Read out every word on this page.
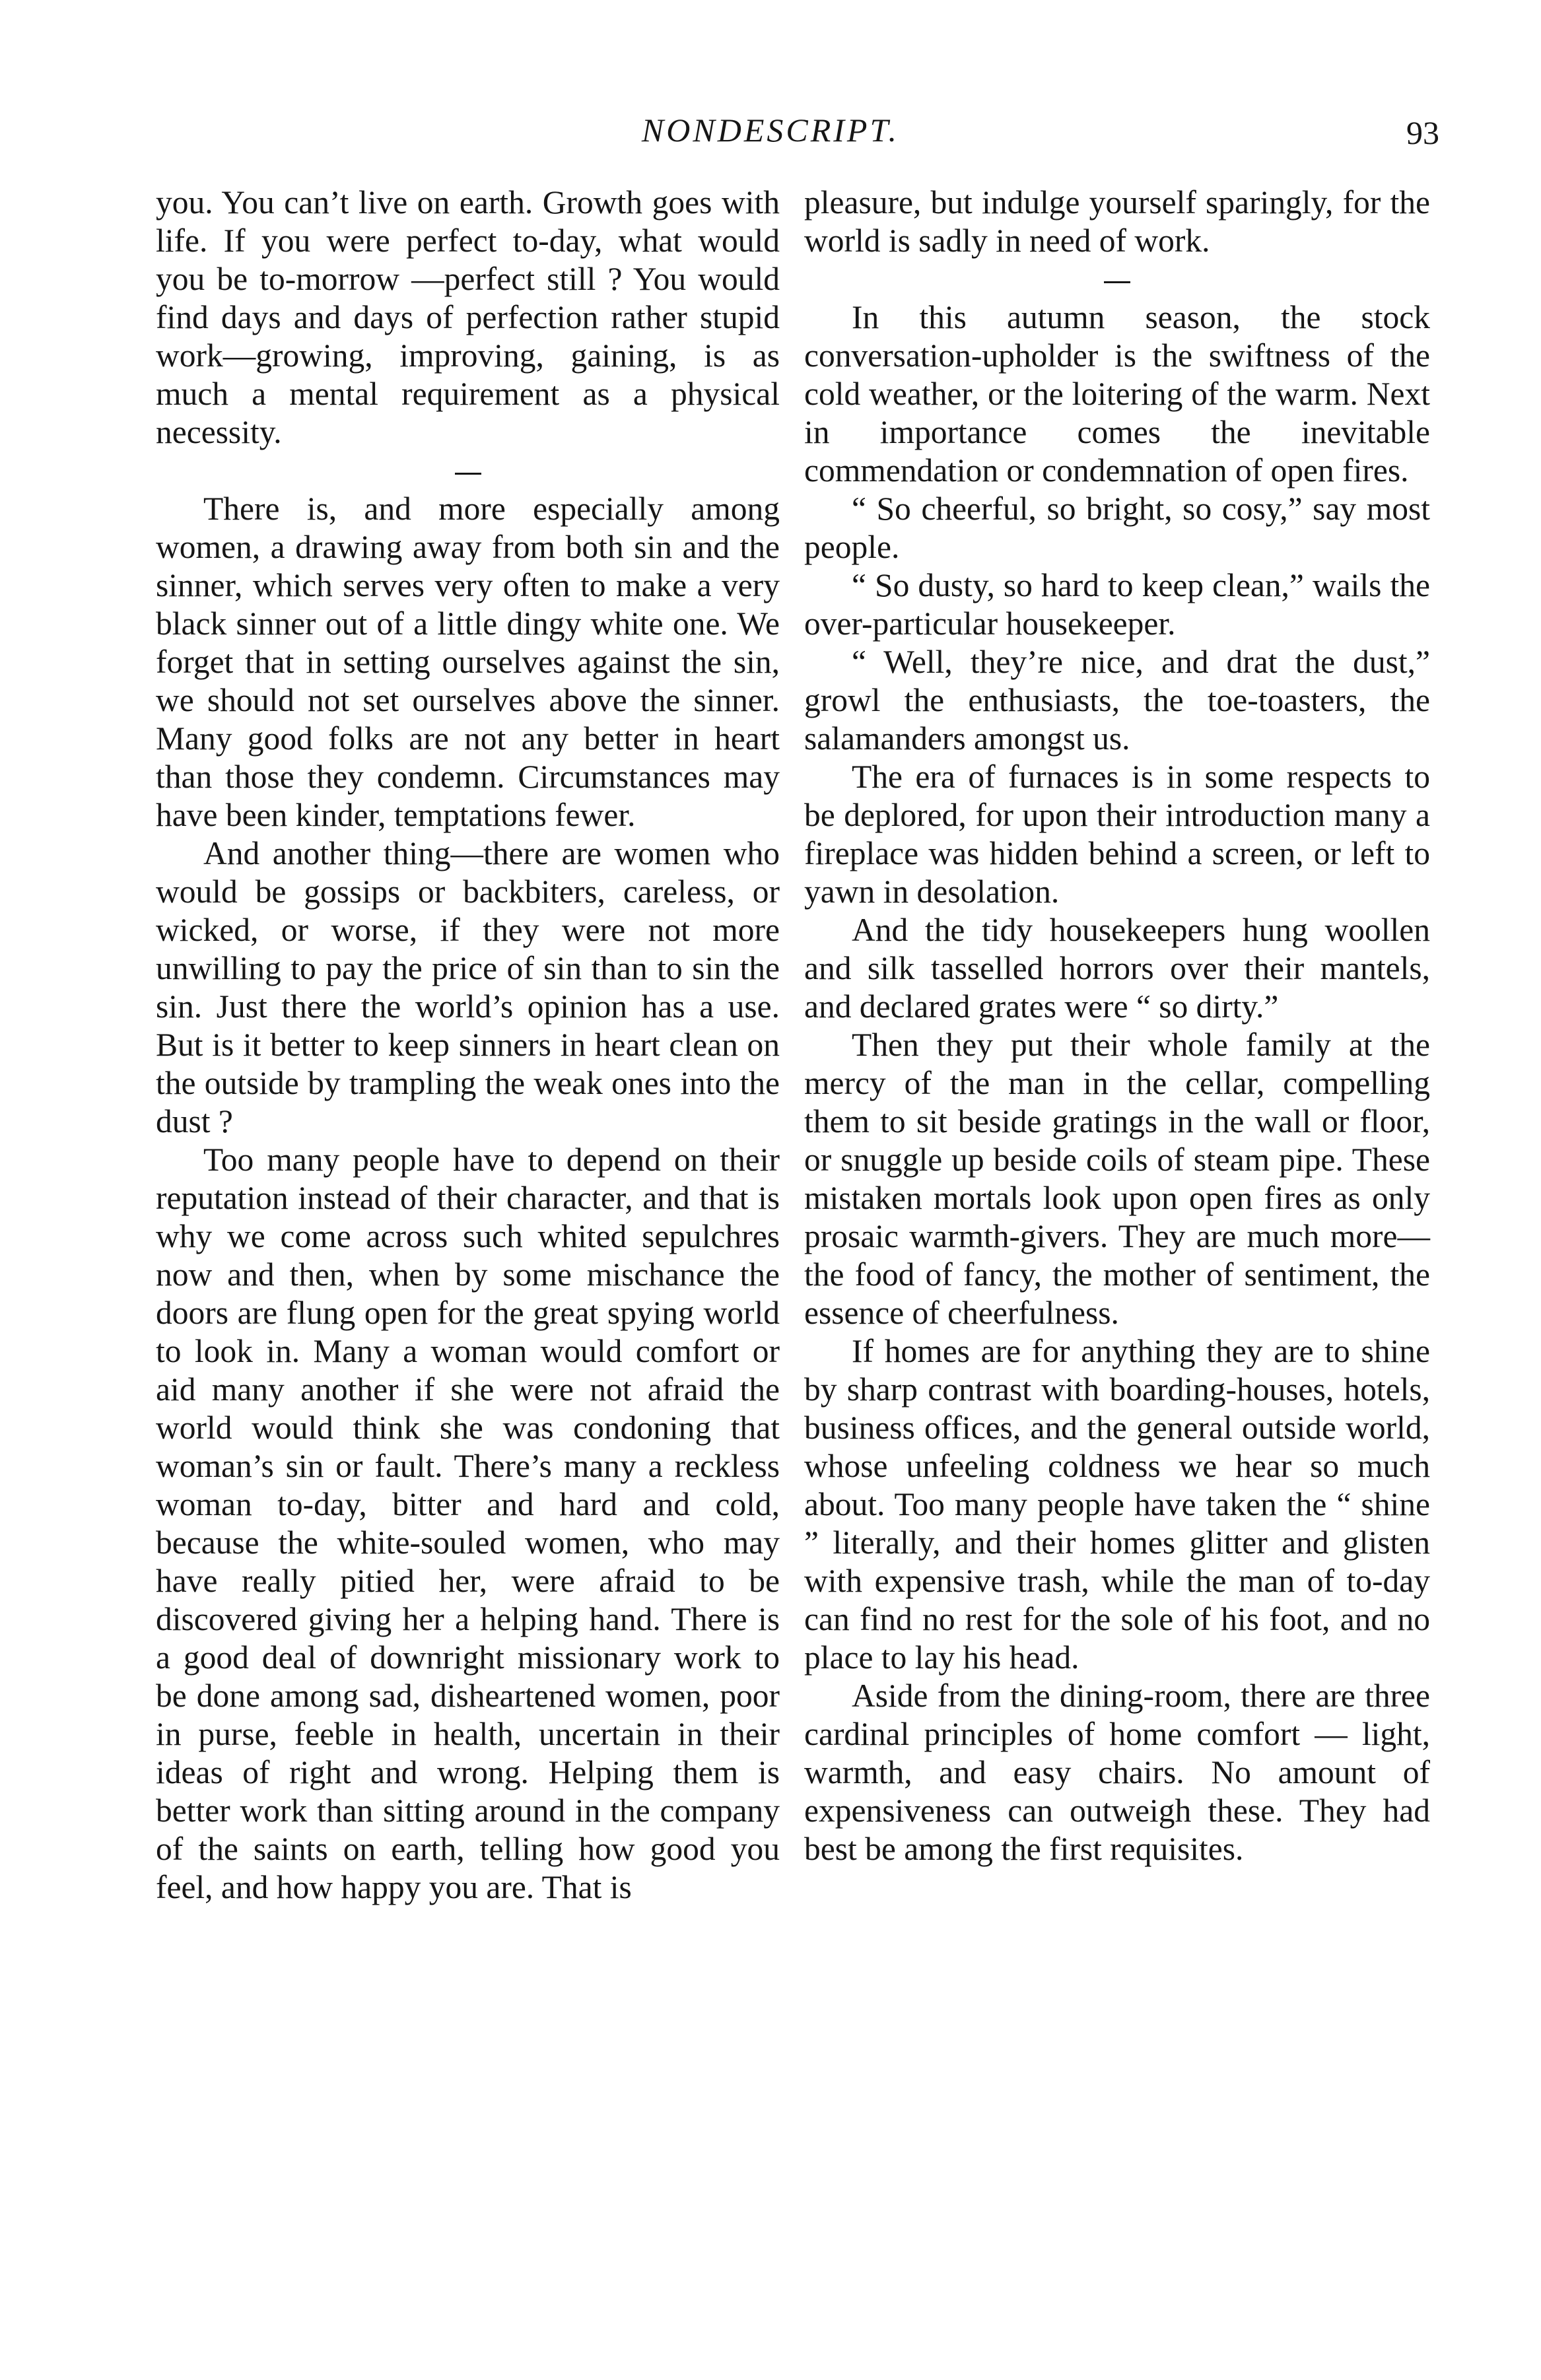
NONDESCRIPT.	93

you. You can’t live on earth. Growth goes with life. If you were perfect to-day, what would you be to-morrow —perfect still ? You would find days and days of perfection rather stupid work—growing, improving, gaining, is as much a mental requirement as a physical necessity.

There is, and more especially among women, a drawing away from both sin and the sinner, which serves very often to make a very black sinner out of a little dingy white one. We forget that in setting ourselves against the sin, we should not set ourselves above the sinner. Many good folks are not any better in heart than those they condemn. Circumstances may have been kinder, temptations fewer.

And another thing—there are women who would be gossips or backbiters, careless, or wicked, or worse, if they were not more unwilling to pay the price of sin than to sin the sin. Just there the world’s opinion has a use. But is it better to keep sinners in heart clean on the outside by trampling the weak ones into the dust ?

Too many people have to depend on their reputation instead of their character, and that is why we come across such whited sepulchres now and then, when by some mischance the doors are flung open for the great spying world to look in. Many a woman would comfort or aid many another if she were not afraid the world would think she was condoning that woman’s sin or fault. There’s many a reckless woman to-day, bitter and hard and cold, because the white-souled women, who may have really pitied her, were afraid to be discovered giving her a helping hand. There is a good deal of downright missionary work to be done among sad, disheartened women, poor in purse, feeble in health, uncertain in their ideas of right and wrong. Helping them is better work than sitting around in the company of the saints on earth, telling how good you feel, and how happy you are. That is

pleasure, but indulge yourself sparingly, for the world is sadly in need of work.

In this autumn season, the stock conversation-upholder is the swiftness of the cold weather, or the loitering of the warm. Next in importance comes the inevitable commendation or condemnation of open fires.

“ So cheerful, so bright, so cosy,” say most people.

“ So dusty, so hard to keep clean,” wails the over-particular housekeeper.

“ Well, they’re nice, and drat the dust,” growl the enthusiasts, the toe-toasters, the salamanders amongst us.

The era of furnaces is in some respects to be deplored, for upon their introduction many a fireplace was hidden behind a screen, or left to yawn in desolation.

And the tidy housekeepers hung woollen and silk tasselled horrors over their mantels, and declared grates were “ so dirty.”

Then they put their whole family at the mercy of the man in the cellar, compelling them to sit beside gratings in the wall or floor, or snuggle up beside coils of steam pipe. These mistaken mortals look upon open fires as only prosaic warmth-givers. They are much more—the food of fancy, the mother of sentiment, the essence of cheerfulness.

If homes are for anything they are to shine by sharp contrast with boarding-houses, hotels, business offices, and the general outside world, whose unfeeling coldness we hear so much about. Too many people have taken the “ shine ” literally, and their homes glitter and glisten with expensive trash, while the man of to-day can find no rest for the sole of his foot, and no place to lay his head.

Aside from the dining-room, there are three cardinal principles of home comfort — light, warmth, and easy chairs. No amount of expensiveness can outweigh these. They had best be among the first requisites.
